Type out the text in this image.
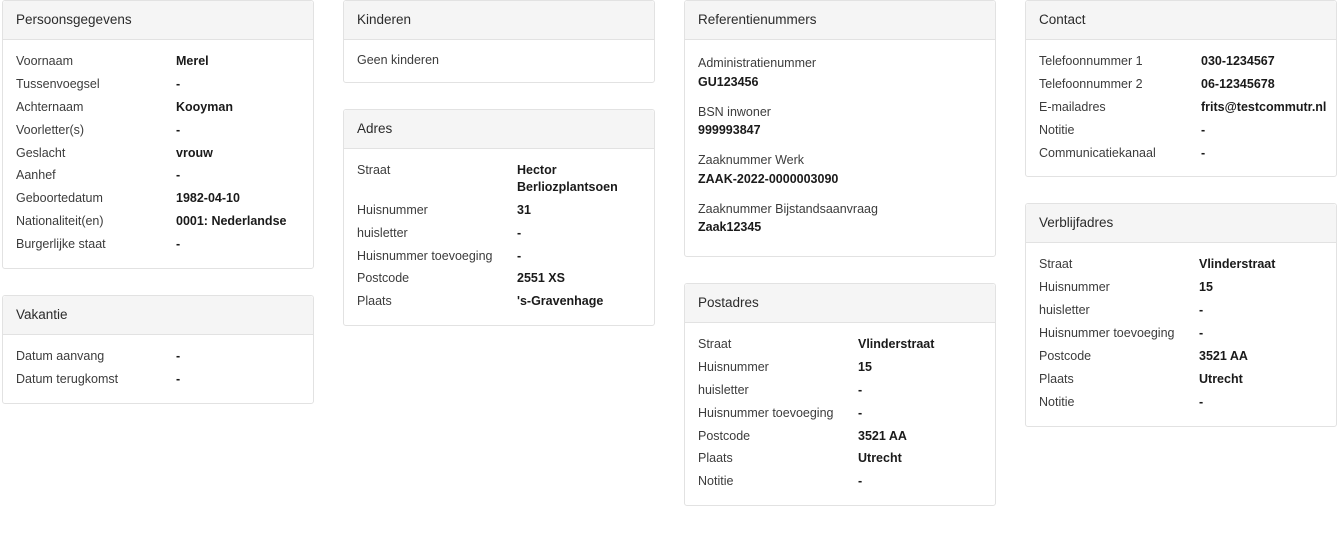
Persoonsgegevens
Voornaam	Merel
Tussenvoegsel	-
Achternaam	Kooyman
Voorletter(s)	-
Geslacht	vrouw
Aanhef	-
Geboortedatum	1982-04-10
Nationaliteit(en)	0001: Nederlandse
Burgerlijke staat	-
Vakantie
Datum aanvang	-
Datum terugkomst	-
Kinderen
Geen kinderen
Adres
Straat	Hector Berliozplantsoen
Huisnummer	31
huisletter	-
Huisnummer toevoeging	-
Postcode	2551 XS
Plaats	's-Gravenhage
Referentienummers
Administratienummer
GU123456
BSN inwoner
999993847
Zaaknummer Werk
ZAAK-2022-0000003090
Zaaknummer Bijstandsaanvraag
Zaak12345
Postadres
Straat	Vlinderstraat
Huisnummer	15
huisletter	-
Huisnummer toevoeging	-
Postcode	3521 AA
Plaats	Utrecht
Notitie	-
Contact
Telefoonnummer 1	030-1234567
Telefoonnummer 2	06-12345678
E-mailadres	frits@testcommutr.nl
Notitie	-
Communicatiekanaal	-
Verblijfadres
Straat	Vlinderstraat
Huisnummer	15
huisletter	-
Huisnummer toevoeging	-
Postcode	3521 AA
Plaats	Utrecht
Notitie	-
